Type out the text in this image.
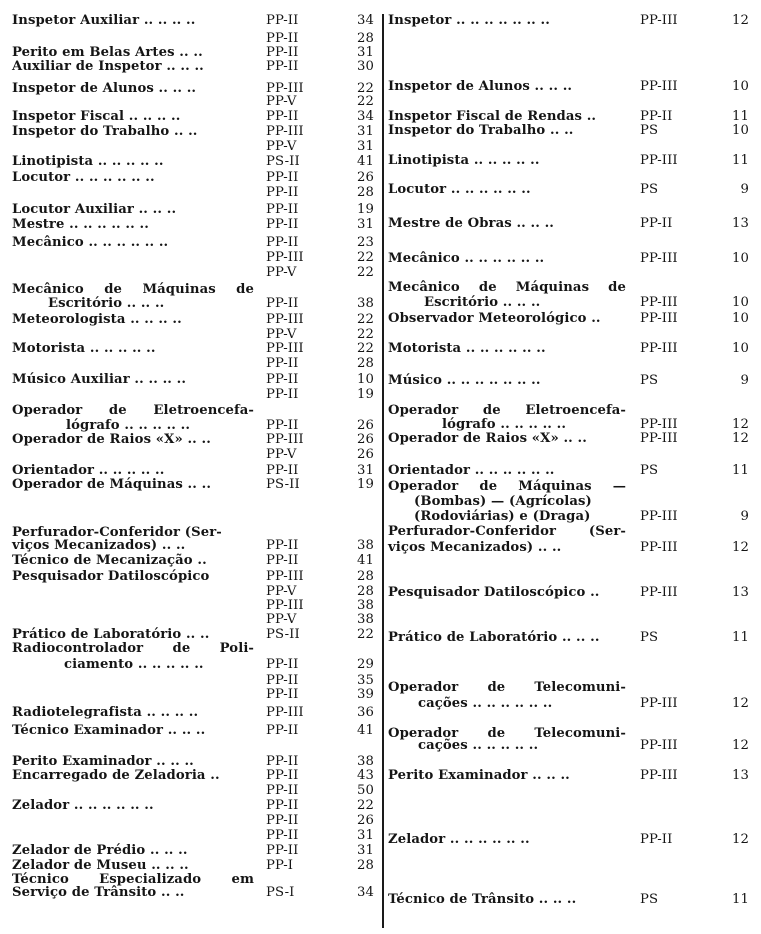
Inspetor Auxiliar .. .. .. ..	PP-II	34
PP-II	28
Perito em Belas Artes .. ..	PP-II	31
Auxiliar de Inspetor .. .. ..	PP-II	30
Inspetor de Alunos .. .. ..	PP-III	22
PP-V	22
Inspetor Fiscal .. .. .. ..	PP-II	34
Inspetor do Trabalho .. ..	PP-III	31
PP-V	31
Linotipista .. .. .. .. ..	PS-II	41
Locutor .. .. .. .. .. ..	PP-II	26
PP-II	28
Locutor Auxiliar .. .. ..	PP-II	19
Mestre .. .. .. .. .. ..	PP-II	31
Mecânico .. .. .. .. .. ..	PP-II	23
PP-III	22
PP-V	22
Mecânico de Máquinas de
Escritório .. .. ..	PP-II	38
Meteorologista .. .. .. ..	PP-III	22
PP-V	22
Motorista .. .. .. .. ..	PP-III	22
PP-II	28
Músico Auxiliar .. .. .. ..	PP-II	10
PP-II	19
Operador de Eletroencefa-
lógrafo .. .. .. .. ..	PP-II	26
Operador de Raios «X» .. ..	PP-III	26
PP-V	26
Orientador .. .. .. .. ..	PP-II	31
Operador de Máquinas .. ..	PS-II	19
Perfurador-Conferidor (Ser-
viços Mecanizados) .. ..	PP-II	38
Técnico de Mecanização ..	PP-II	41
Pesquisador Datiloscópico	PP-III	28
PP-V	28
PP-III	38
PP-V	38
Prático de Laboratório .. ..	PS-II	22
Radiocontrolador de Poli-
ciamento .. .. .. .. ..	PP-II	29
PP-II	35
PP-II	39
Radiotelegrafista .. .. .. ..	PP-III	36
Técnico Examinador .. .. ..	PP-II	41
Perito Examinador .. .. ..	PP-II	38
Encarregado de Zeladoria ..	PP-II	43
PP-II	50
Zelador .. .. .. .. .. ..	PP-II	22
PP-II	26
PP-II	31
Zelador de Prédio .. .. ..	PP-II	31
Zelador de Museu .. .. ..	PP-I	28
Técnico Especializado em
Serviço de Trânsito .. ..	PS-I	34
Inspetor .. .. .. .. .. .. ..	PP-III	12
Inspetor de Alunos .. .. ..	PP-III	10
Inspetor Fiscal de Rendas ..	PP-II	11
Inspetor do Trabalho .. ..	PS	10
Linotipista .. .. .. .. ..	PP-III	11
Locutor .. .. .. .. .. ..	PS	9
Mestre de Obras .. .. ..	PP-II	13
Mecânico .. .. .. .. .. ..	PP-III	10
Mecânico de Máquinas de
Escritório .. .. ..	PP-III	10
Observador Meteorológico ..	PP-III	10
Motorista .. .. .. .. .. ..	PP-III	10
Músico .. .. .. .. .. .. ..	PS	9
Operador de Eletroencefa-
lógrafo .. .. .. .. ..	PP-III	12
Operador de Raios «X» .. ..	PP-III	12
Orientador .. .. .. .. .. ..	PS	11
Operador de Máquinas —
(Bombas) — (Agrícolas)
(Rodoviárias) e (Draga)	PP-III	9
Perfurador-Conferidor (Ser-
viços Mecanizados) .. ..	PP-III	12
Pesquisador Datiloscópico ..	PP-III	13
Prático de Laboratório .. .. ..	PS	11
Operador de Telecomuni-
cações .. .. .. .. .. ..	PP-III	12
Operador de Telecomuni-
cações .. .. .. .. ..	PP-III	12
Perito Examinador .. .. ..	PP-III	13
Zelador .. .. .. .. .. ..	PP-II	12
Técnico de Trânsito .. .. ..	PS	11
